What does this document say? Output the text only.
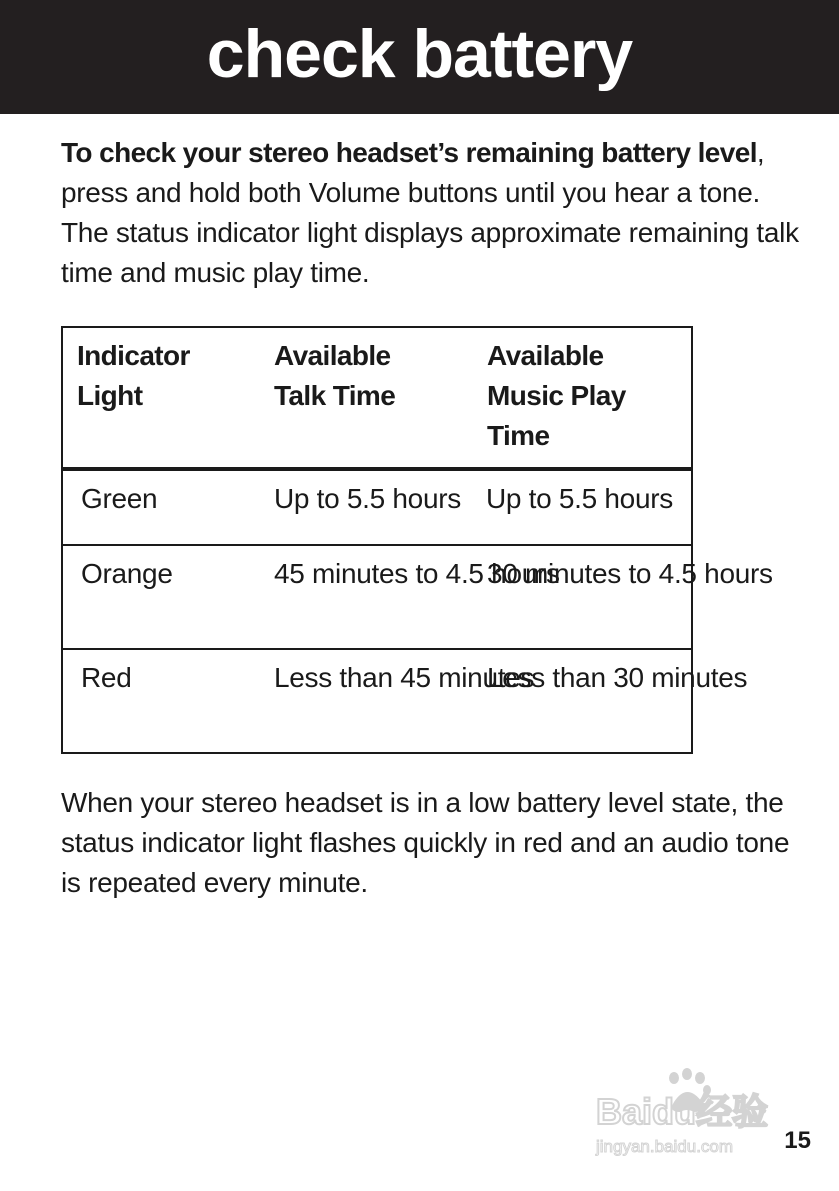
check battery

To check your stereo headset’s remaining battery level, press and hold both Volume buttons until you hear a tone. The status indicator light displays approximate remaining talk time and music play time.

Indicator Light	Available Talk Time	Available Music Play Time
Green	Up to 5.5 hours	Up to 5.5 hours
Orange	45 minutes to 4.5 hours	30 minutes to 4.5 hours
Red	Less than 45 minutes	Less than 30 minutes

When your stereo headset is in a low battery level state, the status indicator light flashes quickly in red and an audio tone is repeated every minute.

Baidu经验
jingyan.baidu.com 15
